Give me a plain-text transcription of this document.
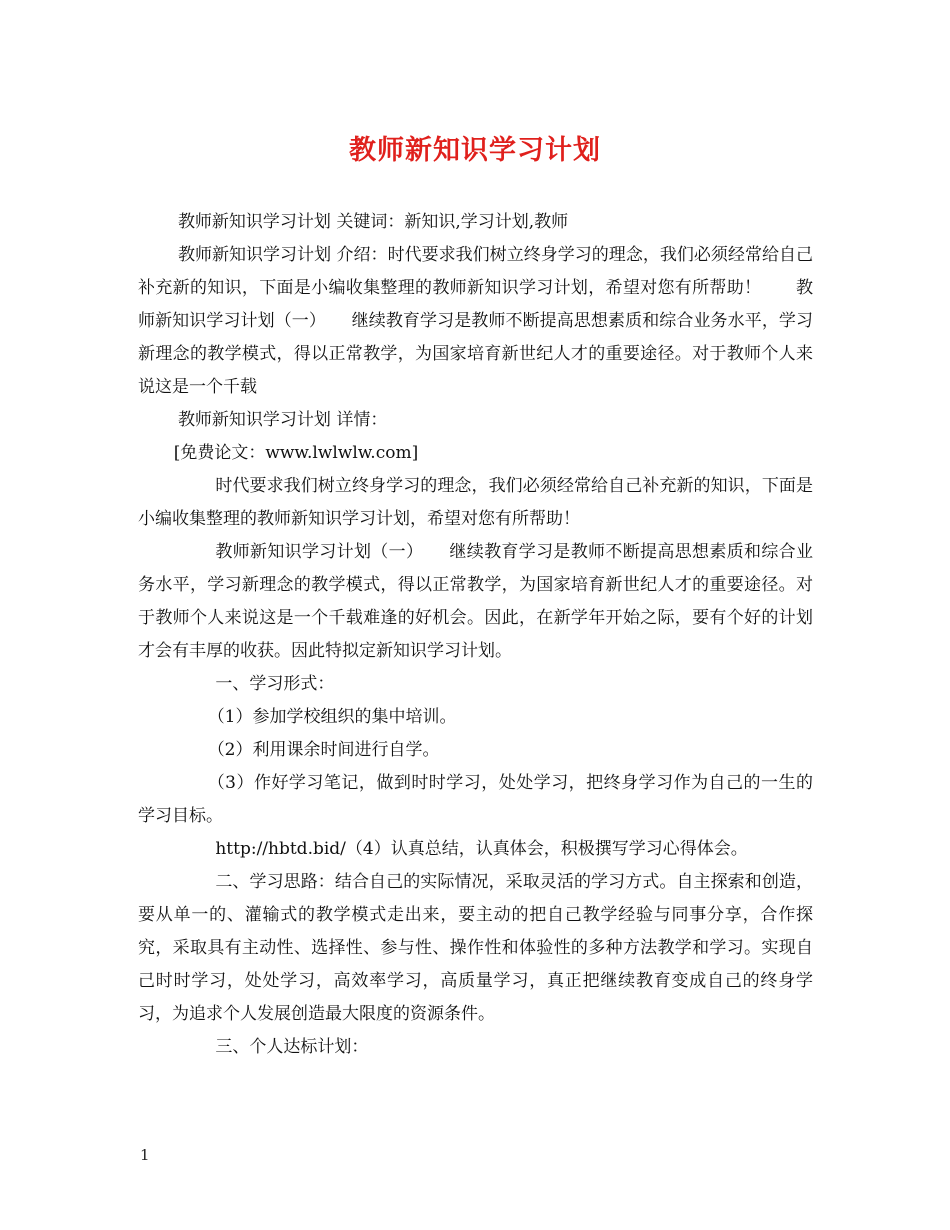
教师新知识学习计划

教师新知识学习计划 关键词：新知识,学习计划,教师

教师新知识学习计划 介绍：时代要求我们树立终身学习的理念，我们必须经常给自己补充新的知识，下面是小编收集整理的教师新知识学习计划，希望对您有所帮助！　　教师新知识学习计划（一）　　继续教育学习是教师不断提高思想素质和综合业务水平，学习新理念的教学模式，得以正常教学，为国家培育新世纪人才的重要途径。对于教师个人来说这是一个千载

教师新知识学习计划 详情：

[免费论文：www.lwlwlw.com]

时代要求我们树立终身学习的理念，我们必须经常给自己补充新的知识，下面是小编收集整理的教师新知识学习计划，希望对您有所帮助！

教师新知识学习计划（一）　　继续教育学习是教师不断提高思想素质和综合业务水平，学习新理念的教学模式，得以正常教学，为国家培育新世纪人才的重要途径。对于教师个人来说这是一个千载难逢的好机会。因此，在新学年开始之际，要有个好的计划才会有丰厚的收获。因此特拟定新知识学习计划。

一、学习形式：

（1）参加学校组织的集中培训。

（2）利用课余时间进行自学。

（3）作好学习笔记，做到时时学习，处处学习，把终身学习作为自己的一生的学习目标。

http://hbtd.bid/（4）认真总结，认真体会，积极撰写学习心得体会。

二、学习思路：结合自己的实际情况，采取灵活的学习方式。自主探索和创造，要从单一的、灌输式的教学模式走出来，要主动的把自己教学经验与同事分享，合作探究，采取具有主动性、选择性、参与性、操作性和体验性的多种方法教学和学习。实现自己时时学习，处处学习，高效率学习，高质量学习，真正把继续教育变成自己的终身学习，为追求个人发展创造最大限度的资源条件。

三、个人达标计划：

1
